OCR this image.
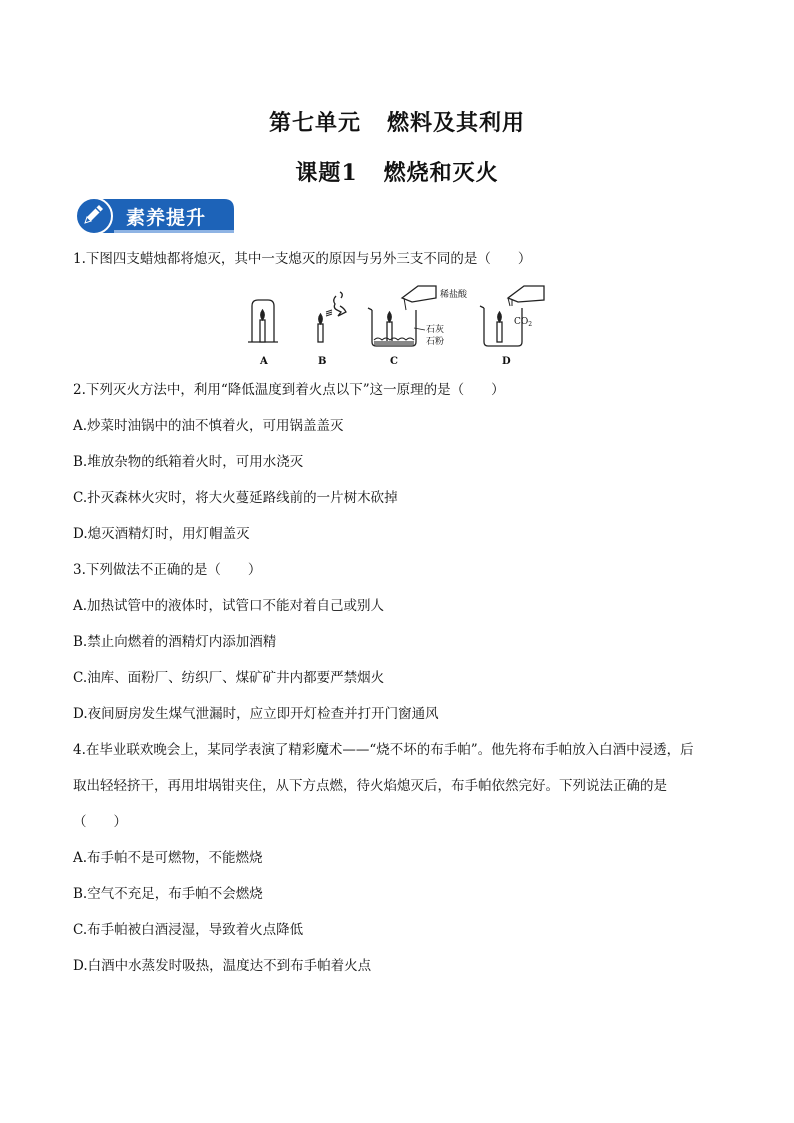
第七单元 燃料及其利用
课题1 燃烧和灭火
素养提升
1.下图四支蜡烛都将熄灭，其中一支熄灭的原因与另外三支不同的是（　　）
A	B	C	D
稀盐酸
石灰
石粉
$CO_2$
2.下列灭火方法中，利用“降低温度到着火点以下”这一原理的是（　　）
A.炒菜时油锅中的油不慎着火，可用锅盖盖灭
B.堆放杂物的纸箱着火时，可用水浇灭
C.扑灭森林火灾时，将大火蔓延路线前的一片树木砍掉
D.熄灭酒精灯时，用灯帽盖灭
3.下列做法不正确的是（　　）
A.加热试管中的液体时，试管口不能对着自己或别人
B.禁止向燃着的酒精灯内添加酒精
C.油库、面粉厂、纺织厂、煤矿矿井内都要严禁烟火
D.夜间厨房发生煤气泄漏时，应立即开灯检查并打开门窗通风
4.在毕业联欢晚会上，某同学表演了精彩魔术——“烧不坏的布手帕”。他先将布手帕放入白酒中浸透，后
取出轻轻挤干，再用坩埚钳夹住，从下方点燃，待火焰熄灭后，布手帕依然完好。下列说法正确的是
（　　）
A.布手帕不是可燃物，不能燃烧
B.空气不充足，布手帕不会燃烧
C.布手帕被白酒浸湿，导致着火点降低
D.白酒中水蒸发时吸热，温度达不到布手帕着火点
